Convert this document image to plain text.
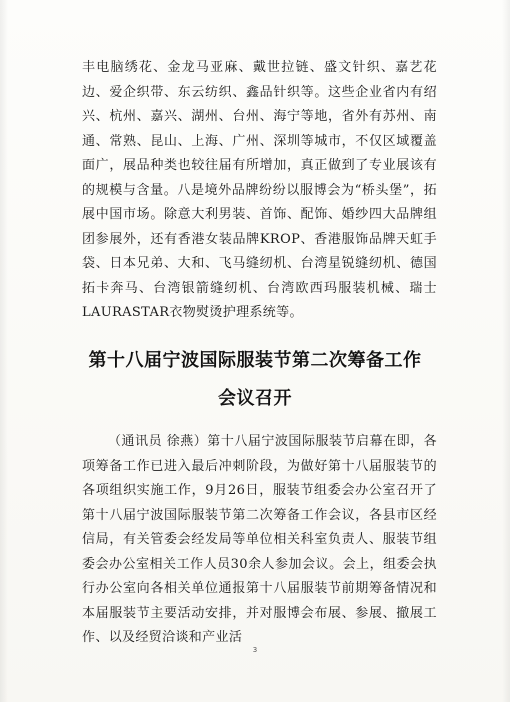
丰电脑绣花、金龙马亚麻、戴世拉链、盛文针织、嘉艺花边、爱企织带、东云纺织、鑫品针织等。这些企业省内有绍兴、杭州、嘉兴、湖州、台州、海宁等地，省外有苏州、南通、常熟、昆山、上海、广州、深圳等城市，不仅区域覆盖面广，展品种类也较往届有所增加，真正做到了专业展该有的规模与含量。八是境外品牌纷纷以服博会为“桥头堡”，拓展中国市场。除意大利男装、首饰、配饰、婚纱四大品牌组团参展外，还有香港女装品牌KROP、香港服饰品牌天虹手袋、日本兄弟、大和、飞马缝纫机、台湾星锐缝纫机、德国拓卡奔马、台湾银箭缝纫机、台湾欧西玛服装机械、瑞士LAURASTAR衣物熨烫护理系统等。
第十八届宁波国际服装节第二次筹备工作
会议召开
（通讯员 徐燕）第十八届宁波国际服装节启幕在即，各项筹备工作已进入最后冲刺阶段，为做好第十八届服装节的各项组织实施工作，9月26日，服装节组委会办公室召开了第十八届宁波国际服装节第二次筹备工作会议，各县市区经信局，有关管委会经发局等单位相关科室负责人、服装节组委会办公室相关工作人员30余人参加会议。会上，组委会执行办公室向各相关单位通报第十八届服装节前期筹备情况和本届服装节主要活动安排，并对服博会布展、参展、撤展工作、以及经贸洽谈和产业活
3
